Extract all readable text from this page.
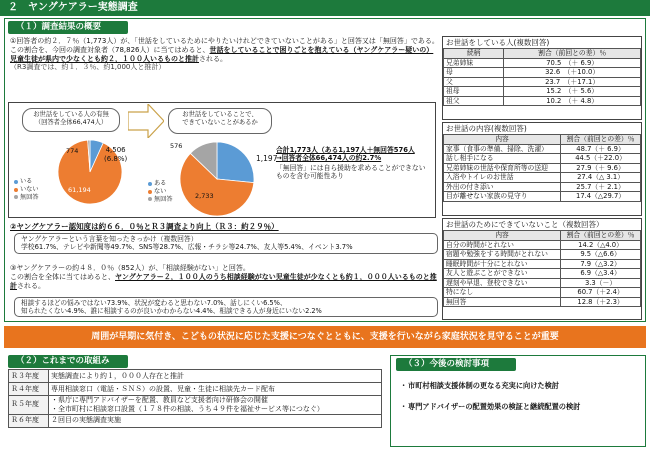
２　ヤングケアラー実態調査
（１）調査結果の概要
①回答者の約２．７％（1,773人）が、「世話をしているためにやりたいけれどできていないことがある」と回答又は「無回答」である。
この割合を、今回の調査対象者（78,826人）に当てはめると、世話をしていることで困りごとを抱えている（ヤングケアラー疑いの）児童生徒が県内で少なくとも約２，１００人いるものと推計される。
（R3調査では、約１．３％、約1,000人と推計）
お世話をしている人の有無
（回答者全体66,474人）
お世話をしていることで、
できていないことがあるか
774	4,506
(6.8%)
61,194
いる
いない
無回答
576
1,197
2,733
ある
ない
無回答
合計1,773人（ある1,197人＋無回答576人
→回答者全体66,474人の約2.7%
「無回答」には自ら援助を求めることができないものを含む可能性あり
②ヤングケアラー認知度は約６６．０％とＲ３調査より向上（Ｒ３：約２９％）
ヤングケアラーという言葉を知ったきっかけ（複数回答）
学校61.7%、テレビや新聞等49.7%、SNS等28.7%、広報・チラシ等24.7%、友人等5.4%、イベント3.7%
③ヤングケアラーの約４８．０％（852人）が、「相談経験がない」と回答。
この割合を全体に当てはめると、ヤングケアラー２，１００人のうち相談経験がない児童生徒が少なくとも約１，０００人いるものと推計される。
相談するほどの悩みではない73.9%、状況が変わると思わない7.0%、話しにくい6.5%、
知られたくない4.9%、誰に相談するのが良いかわからない4.4%、相談できる人が身近にいない2.2%
お世話をしている人(複数回答)
続柄	割合（前回との差）％
兄弟姉妹	70.5　（＋ 6.9）
母	32.6　（＋10.0）
父	23.7　（＋17.1）
祖母	15.2　（＋ 5.6）
祖父	10.2　（＋ 4.8）
お世話の内容(複数回答)
内容	割合（前回との差）％
家事（食事の準備、掃除、洗濯）	48.7（＋ 6.9）
話し相手になる	44.5（＋22.0）
兄弟姉妹の世話や保育所等の送迎	27.9（＋ 9.6）
入浴やトイレのお世話	27.4（△ 3.1）
外出の付き添い	25.7（＋ 2.1）
目が離せない家族の見守り	17.4（△29.7）
お世話のためにできていないこと（複数回答）
内容	割合（前回との差）％
自分の時間がとれない	14.2（△4.0）
宿題や勉強をする時間がとれない	9.5（△6.6）
睡眠時間が十分にとれない	7.9（△3.2）
友人と遊ぶことができない	6.9（△3.4）
遅刻や早退、登校できない	3.3（－）
特になし	60.7（＋2.4）
無回答	12.8（＋2.3）
周囲が早期に気付き、こどもの状況に応じた支援につなぐとともに、支援を行いながら家庭状況を見守ることが重要
（２）これまでの取組み
Ｒ３年度	実態調査により約１，０００人存在と推計
Ｒ４年度	専用相談窓口（電話・ＳＮＳ）の設置、児童・生徒に相談先カード配布
Ｒ５年度	・県庁に専門アドバイザーを配置、教員など支援者向け研修会の開催
・全市町村に相談窓口設置（１７８件の相談、うち４９件を福祉サービス等につなぐ）
Ｒ６年度	２回目の実態調査実施
（３）今後の検討事項
・ 市町村相談支援体制の更なる充実に向けた検討
・ 専門アドバイザーの配置効果の検証と継続配置の検討
